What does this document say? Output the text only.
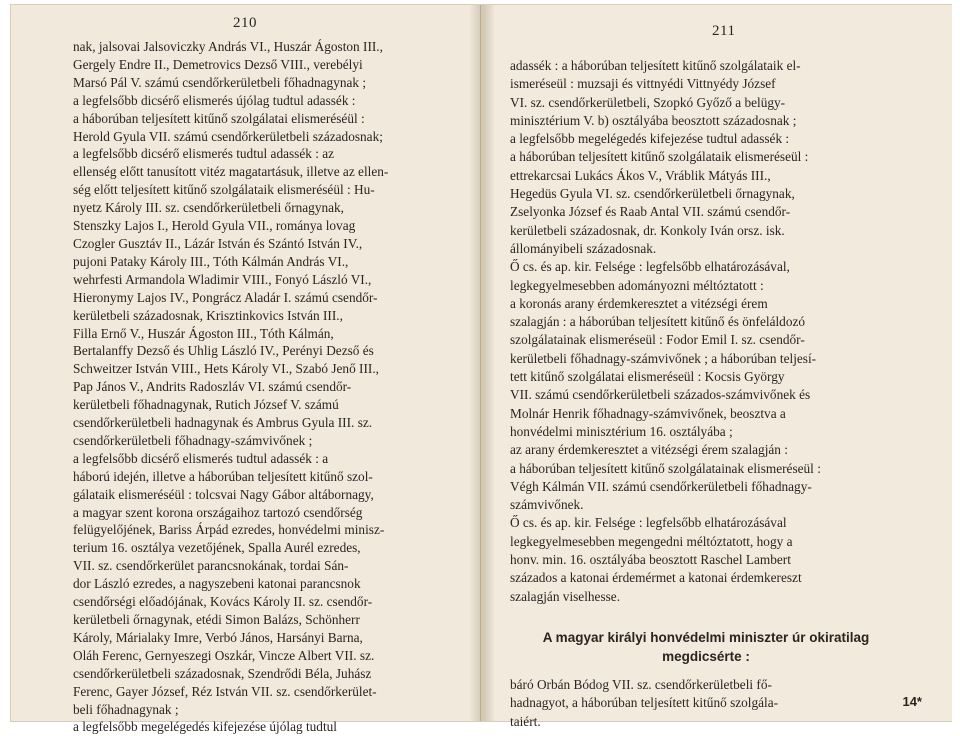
210
nak, jalsovai Jalsoviczky András VI., Huszár Ágoston III.,
Gergely Endre II., Demetrovics Dezső VIII., verebélyi
Marsó Pál V. számú csendőrkerületbeli főhadnagynak ;
a legfelsőbb dicsérő elismerés újólag tudtul adassék :
a háborúban teljesített kitűnő szolgálatai elismeréséül :
Herold Gyula VII. számú csendőrkerületbeli századosnak;
a legfelsőbb dicsérő elismerés tudtul adassék : az
ellenség előtt tanusított vitéz magatartásuk, illetve az ellen-
ség előtt teljesített kitűnő szolgálataik elismeréséül : Hu-
nyetz Károly III. sz. csendőrkerületbeli őrnagynak,
Stenszky Lajos I., Herold Gyula VII., románya lovag
Czogler Gusztáv II., Lázár István és Szántó István IV.,
pujoni Pataky Károly III., Tóth Kálmán András VI.,
wehrfesti Armandola Wladimir VIII., Fonyó László VI.,
Hieronymy Lajos IV., Pongrácz Aladár I. számú csendőr-
kerületbeli századosnak, Krisztinkovics István III.,
Filla Ernő V., Huszár Ágoston III., Tóth Kálmán,
Bertalanffy Dezső és Uhlig László IV., Perényi Dezső és
Schweitzer István VIII., Hets Károly VI., Szabó Jenő III.,
Pap János V., Andrits Radoszláv VI. számú csendőr-
kerületbeli főhadnagynak, Rutich József V. számú
csendőrkerületbeli hadnagynak és Ambrus Gyula III. sz.
csendőrkerületbeli főhadnagy-számvivőnek ;
a legfelsőbb dicsérő elismerés tudtul adassék : a
háború idején, illetve a háborúban teljesített kitűnő szol-
gálataik elismeréséül : tolcsvai Nagy Gábor altábornagy,
a magyar szent korona országaihoz tartozó csendőrség
felügyelőjének, Bariss Árpád ezredes, honvédelmi minisz-
terium 16. osztálya vezetőjének, Spalla Aurél ezredes,
VII. sz. csendőrkerület parancsnokának, tordai Sán-
dor László ezredes, a nagyszebeni katonai parancsnok
csendőrségi előadójának, Kovács Károly II. sz. csendőr-
kerületbeli őrnagynak, etédi Simon Balázs, Schönherr
Károly, Márialaky Imre, Verbó János, Harsányi Barna,
Oláh Ferenc, Gernyeszegi Oszkár, Vincze Albert VII. sz.
csendőrkerületbeli századosnak, Szendrődi Béla, Juhász
Ferenc, Gayer József, Réz István VII. sz. csendőrkerület-
beli főhadnagynak ;
a legfelsőbb megelégedés kifejezése újólag tudtul
211
adassék : a háborúban teljesített kitűnő szolgálataik el-
ismeréseül : muzsaji és vittnyédi Vittnyédy József
VI. sz. csendőrkerületbeli, Szopkó Győző a belügy-
minisztérium V. b) osztályába beosztott századosnak ;
a legfelsőbb megelégedés kifejezése tudtul adassék :
a háborúban teljesített kitűnő szolgálataik elismeréseül :
ettrekarcsai Lukács Ákos V., Vráblik Mátyás III.,
Hegedüs Gyula VI. sz. csendőrkerületbeli őrnagynak,
Zselyonka József és Raab Antal VII. számú csendőr-
kerületbeli századosnak, dr. Konkoly Iván orsz. isk.
állományibeli századosnak.
Ő cs. és ap. kir. Felsége : legfelsőbb elhatározásával,
legkegyelmesebben adományozni méltóztatott :
a koronás arany érdemkeresztet a vitézségi érem
szalagján : a háborúban teljesített kitűnő és önfeláldozó
szolgálatainak elismeréseül : Fodor Emil I. sz. csendőr-
kerületbeli főhadnagy-számvivőnek ; a háborúban teljesí-
tett kitűnő szolgálatai elismeréseül : Kocsis György
VII. számú csendőrkerületbeli százados-számvivőnek és
Molnár Henrik főhadnagy-számvivőnek, beosztva a
honvédelmi minisztérium 16. osztályába ;
az arany érdemkeresztet a vitézségi érem szalagján :
a háborúban teljesített kitűnő szolgálatainak elismeréseül :
Végh Kálmán VII. számú csendőrkerületbeli főhadnagy-
számvivőnek.
Ő cs. és ap. kir. Felsége : legfelsőbb elhatározásával
legkegyelmesebben megengedni méltóztatott, hogy a
honv. min. 16. osztályába beosztott Raschel Lambert
százados a katonai érdemérmet a katonai érdemkereszt
szalagján viselhesse.
A magyar királyi honvédelmi miniszter úr okiratilag megdicsérte :
báró Orbán Bódog VII. sz. csendőrkerületbeli fő-
hadnagyot, a háborúban teljesített kitűnő szolgála-
taiért.
14*
